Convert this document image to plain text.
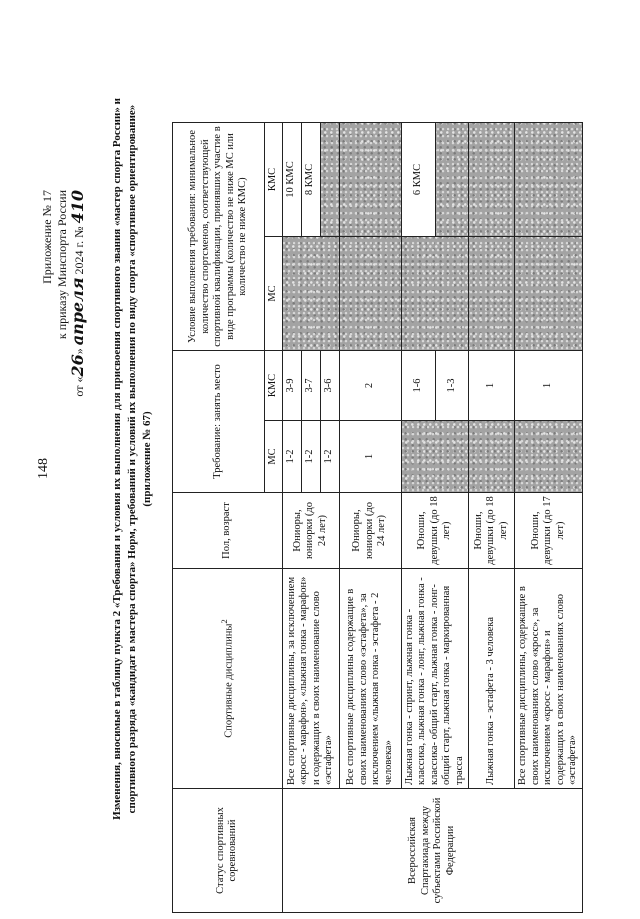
148
Приложение № 17 к приказу Минспорта России
от «26» апреля 2024 г. № 410 Изменения, вносимые в таблицу пункта 2 «Требования и условия их выполнения для присвоения спортивного звания «мастер спорта России» и спортивного разряда «кандидат в мастера спорта» Норм, требований и условий их выполнения по виду спорта «спортивное ориентирование» (приложение № 67)
Статус спортивных соревнований	Спортивные дисциплины$^2$	Пол, возраст	Требование: занять место		Условие выполнения требования: минимальное количество спортсменов, соответствующей спортивной квалификации, принявших участие в виде программы (количество не ниже МС или количество не ниже КМС)	
			МС	КМС	МС	КМС
Всероссийская Спартакиада между субъектами Российской Федерации	Все спортивные дисциплины, за исключением «кросс - марафон», «лыжная гонка - марафон» и содержащих в своих наименование слово «эстафета»	Юниоры, юниорки (до 24 лет)	1-2	3-9		10 КМС
			1-2	3-7		8 КМС
			1-2	3-6		
	Все спортивные дисциплины содержащие в своих наименованиях слово «эстафета», за исключением «лыжная гонка - эстафета - 2 человека»	Юниоры, юниорки (до 24 лет)	1	2		
	Лыжная гонка - спринт, лыжная гонка - классика, лыжная гонка - лонг, лыжная гонка - классика- общий старт, лыжная гонка - лонг-общий старт, лыжная гонка - маркированная трасса	Юноши, девушки (до 18 лет)		1-6		6 КМС
				1-3		
	Лыжная гонка - эстафета - 3 человека	Юноши, девушки (до 18 лет)		1		
	Все спортивные дисциплины, содержащие в своих наименованиях слово «кросс», за исключением «кросс - марафон» и содержащих в своих наименованиях слово «эстафета»	Юноши, девушки (до 17 лет)		1		
